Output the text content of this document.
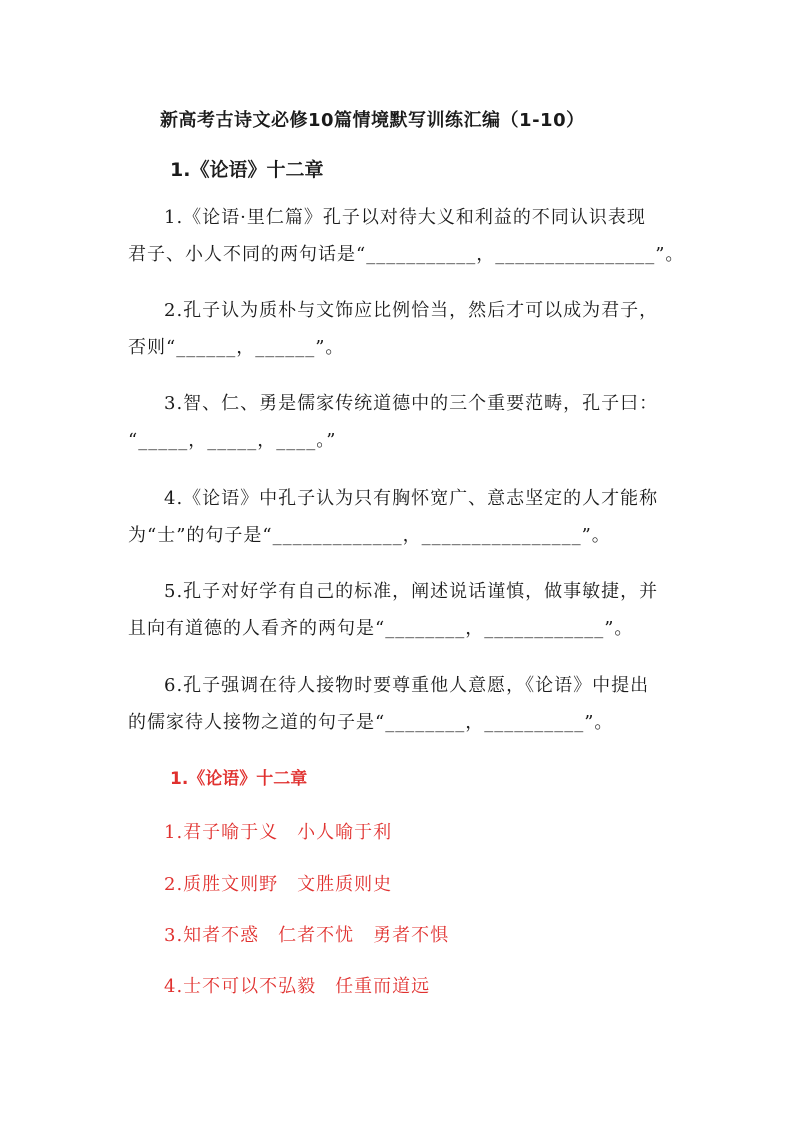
新高考古诗文必修10篇情境默写训练汇编（1-10）
1.《论语》十二章
1.《论语·里仁篇》孔子以对待大义和利益的不同认识表现
君子、小人不同的两句话是“___________，________________”。
2.孔子认为质朴与文饰应比例恰当，然后才可以成为君子，
否则“______，______”。
3.智、仁、勇是儒家传统道德中的三个重要范畴，孔子曰：
“_____，_____，____。”
4.《论语》中孔子认为只有胸怀宽广、意志坚定的人才能称
为“士”的句子是“_____________，________________”。
5.孔子对好学有自己的标准，阐述说话谨慎，做事敏捷，并
且向有道德的人看齐的两句是“________，____________”。
6.孔子强调在待人接物时要尊重他人意愿，《论语》中提出
的儒家待人接物之道的句子是“________，__________”。
1.《论语》十二章
1.君子喻于义　小人喻于利
2.质胜文则野　文胜质则史
3.知者不惑　仁者不忧　勇者不惧
4.士不可以不弘毅　任重而道远
